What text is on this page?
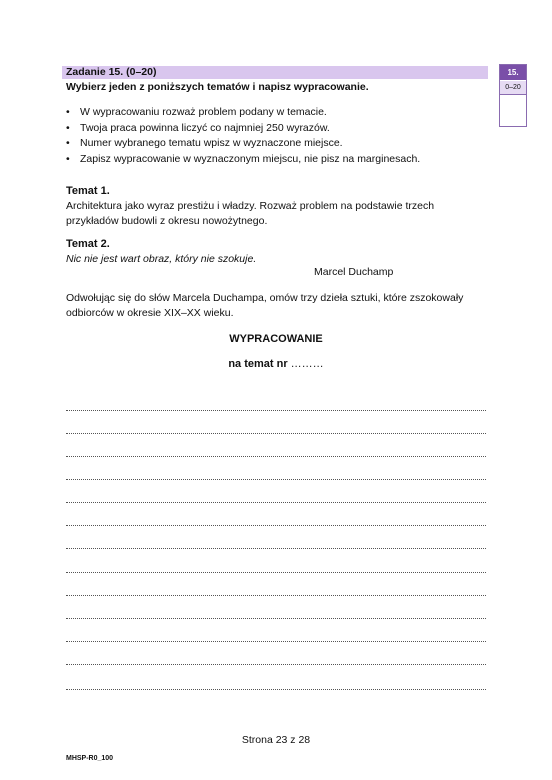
Zadanie 15. (0–20)
Wybierz jeden z poniższych tematów i napisz wypracowanie.
15.
0–20
• W wypracowaniu rozważ problem podany w temacie.
• Twoja praca powinna liczyć co najmniej 250 wyrazów.
• Numer wybranego tematu wpisz w wyznaczone miejsce.
• Zapisz wypracowanie w wyznaczonym miejscu, nie pisz na marginesach.
Temat 1.
Architektura jako wyraz prestiżu i władzy. Rozważ problem na podstawie trzech przykładów budowli z okresu nowożytnego.
Temat 2.
Nic nie jest wart obraz, który nie szokuje.
Marcel Duchamp
Odwołując się do słów Marcela Duchampa, omów trzy dzieła sztuki, które zszokowały odbiorców w okresie XIX–XX wieku.
WYPRACOWANIE
na temat nr ………
Strona 23 z 28
MHSP-R0_100
